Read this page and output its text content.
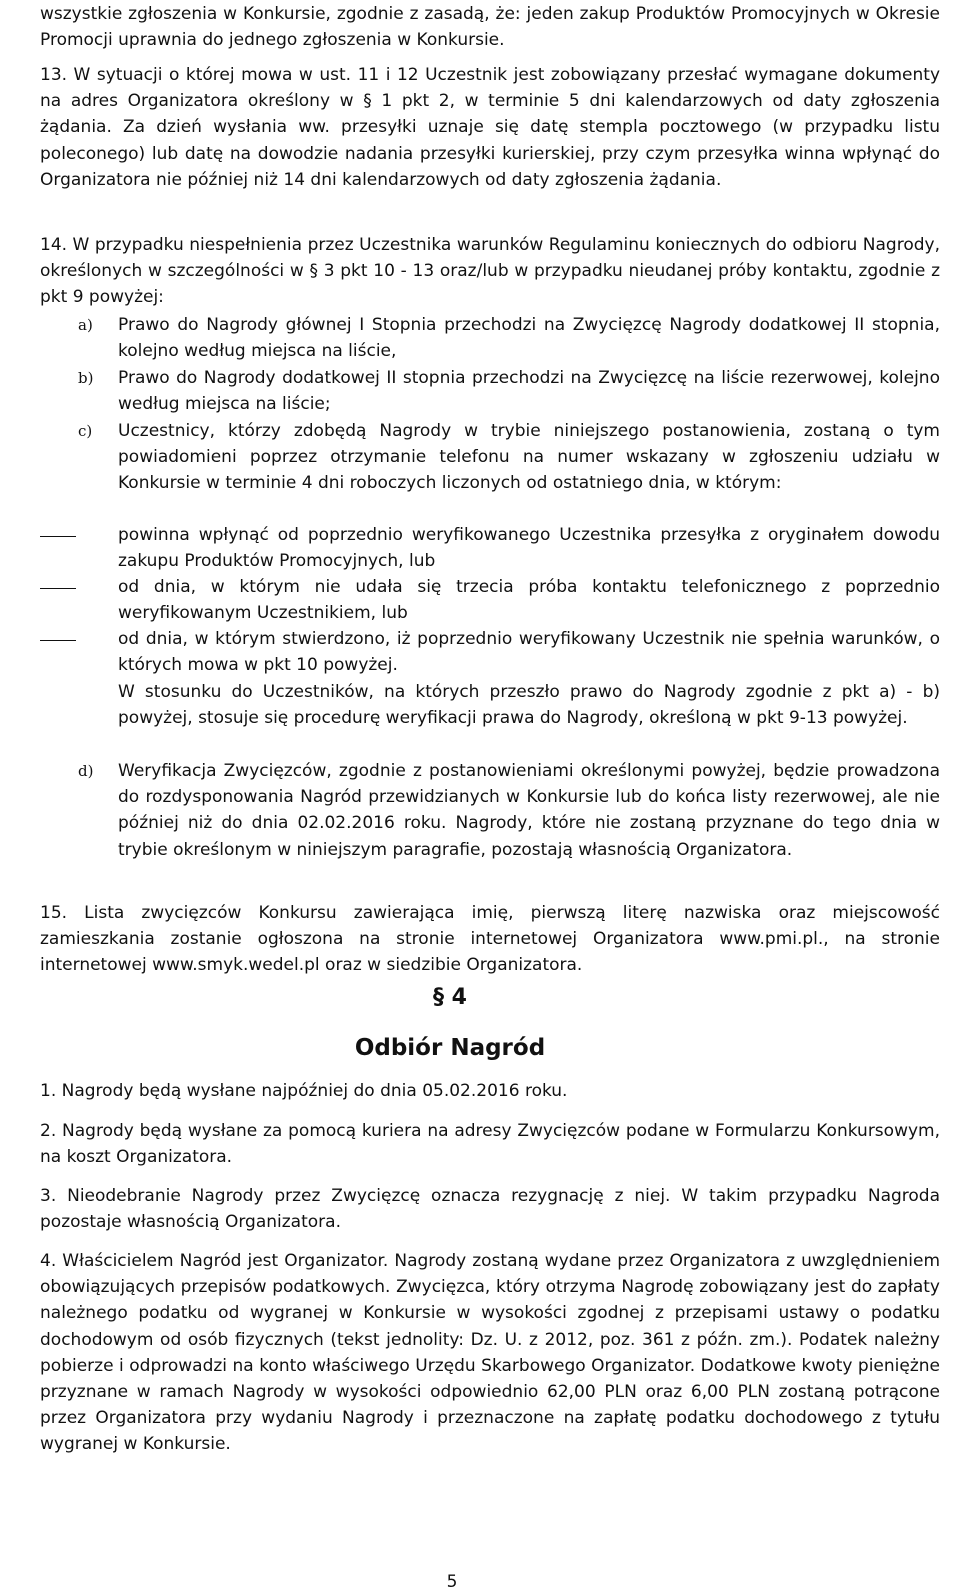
wszystkie zgłoszenia w Konkursie, zgodnie z zasadą, że: jeden zakup Produktów Promocyjnych w Okresie Promocji uprawnia do jednego zgłoszenia w Konkursie.

13. W sytuacji o której mowa w ust. 11 i 12 Uczestnik jest zobowiązany przesłać wymagane dokumenty na adres Organizatora określony w § 1 pkt 2, w terminie 5 dni kalendarzowych od daty zgłoszenia żądania. Za dzień wysłania ww. przesyłki uznaje się datę stempla pocztowego (w przypadku listu poleconego) lub datę na dowodzie nadania przesyłki kurierskiej, przy czym przesyłka winna wpłynąć do Organizatora nie później niż 14 dni kalendarzowych od daty zgłoszenia żądania.

14. W przypadku niespełnienia przez Uczestnika warunków Regulaminu koniecznych do odbioru Nagrody, określonych w szczególności w § 3 pkt 10 - 13 oraz/lub w przypadku nieudanej próby kontaktu, zgodnie z pkt 9 powyżej:

a) Prawo do Nagrody głównej I Stopnia przechodzi na Zwycięzcę Nagrody dodatkowej II stopnia, kolejno według miejsca na liście,

b) Prawo do Nagrody dodatkowej II stopnia przechodzi na Zwycięzcę na liście rezerwowej, kolejno według miejsca na liście;

c) Uczestnicy, którzy zdobędą Nagrody w trybie niniejszego postanowienia, zostaną o tym powiadomieni poprzez otrzymanie telefonu na numer wskazany w zgłoszeniu udziału w Konkursie w terminie 4 dni roboczych liczonych od ostatniego dnia, w którym:

powinna wpłynąć od poprzednio weryfikowanego Uczestnika przesyłka z oryginałem dowodu zakupu Produktów Promocyjnych, lub

od dnia, w którym nie udała się trzecia próba kontaktu telefonicznego z poprzednio weryfikowanym Uczestnikiem, lub

od dnia, w którym stwierdzono, iż poprzednio weryfikowany Uczestnik nie spełnia warunków, o których mowa w pkt 10 powyżej.

W stosunku do Uczestników, na których przeszło prawo do Nagrody zgodnie z pkt a) - b) powyżej, stosuje się procedurę weryfikacji prawa do Nagrody, określoną w pkt 9-13 powyżej.

d) Weryfikacja Zwycięzców, zgodnie z postanowieniami określonymi powyżej, będzie prowadzona do rozdysponowania Nagród przewidzianych w Konkursie lub do końca listy rezerwowej, ale nie później niż do dnia 02.02.2016 roku. Nagrody, które nie zostaną przyznane do tego dnia w trybie określonym w niniejszym paragrafie, pozostają własnością Organizatora.

15. Lista zwycięzców Konkursu zawierająca imię, pierwszą literę nazwiska oraz miejscowość zamieszkania zostanie ogłoszona na stronie internetowej Organizatora www.pmi.pl., na stronie internetowej www.smyk.wedel.pl oraz w siedzibie Organizatora.

§ 4

Odbiór Nagród

1. Nagrody będą wysłane najpóźniej do dnia 05.02.2016 roku.

2. Nagrody będą wysłane za pomocą kuriera na adresy Zwycięzców podane w Formularzu Konkursowym, na koszt Organizatora.

3. Nieodebranie Nagrody przez Zwycięzcę oznacza rezygnację z niej. W takim przypadku Nagroda pozostaje własnością Organizatora.

4. Właścicielem Nagród jest Organizator. Nagrody zostaną wydane przez Organizatora z uwzględnieniem obowiązujących przepisów podatkowych. Zwycięzca, który otrzyma Nagrodę zobowiązany jest do zapłaty należnego podatku od wygranej w Konkursie w wysokości zgodnej z przepisami ustawy o podatku dochodowym od osób fizycznych (tekst jednolity: Dz. U. z 2012, poz. 361 z późn. zm.). Podatek należny pobierze i odprowadzi na konto właściwego Urzędu Skarbowego Organizator. Dodatkowe kwoty pieniężne przyznane w ramach Nagrody w wysokości odpowiednio 62,00 PLN oraz 6,00 PLN zostaną potrącone przez Organizatora przy wydaniu Nagrody i przeznaczone na zapłatę podatku dochodowego z tytułu wygranej w Konkursie.

5
